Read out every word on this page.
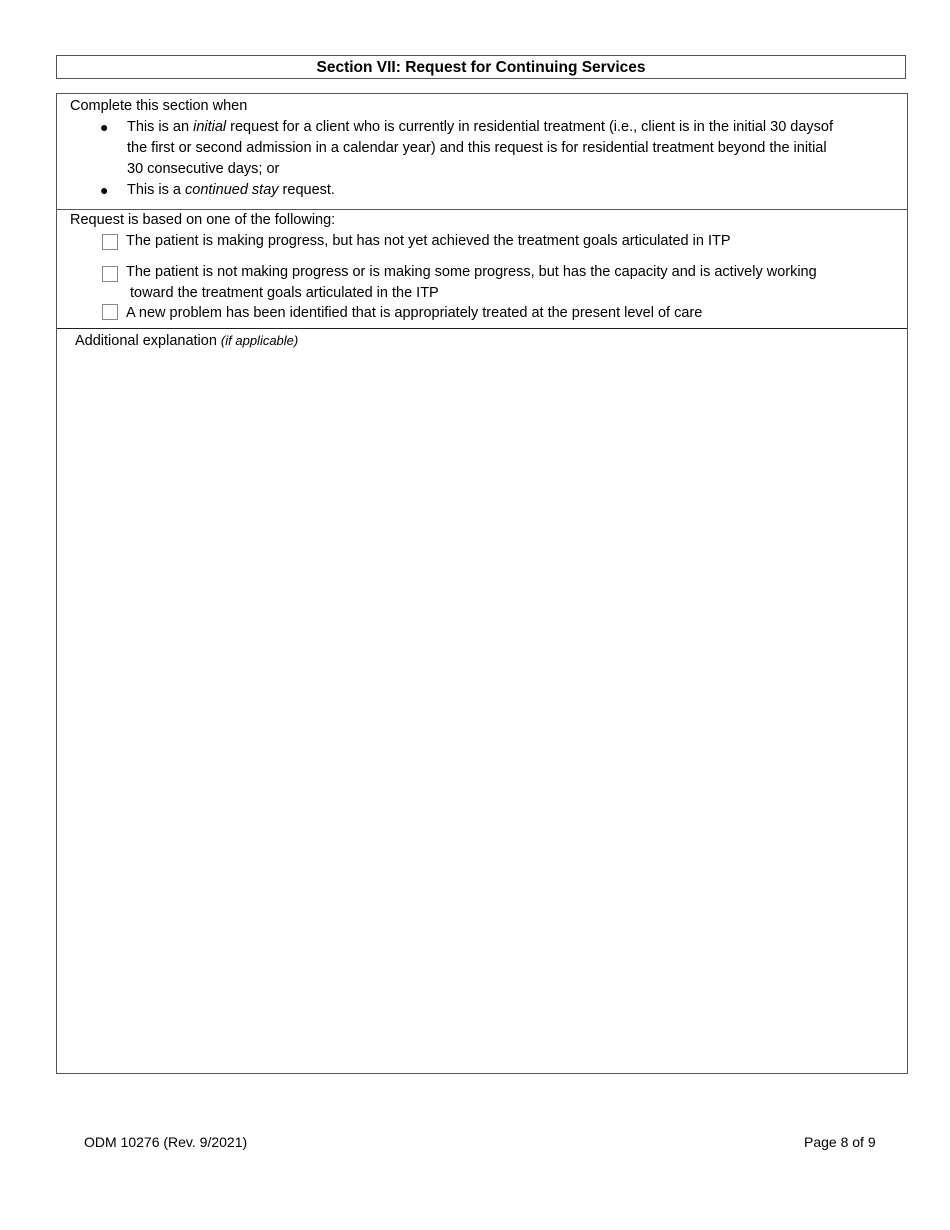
Section VII: Request for Continuing Services
Complete this section when
● This is an initial request for a client who is currently in residential treatment (i.e., client is in the initial 30 daysof
the first or second admission in a calendar year) and this request is for residential treatment beyond the initial
30 consecutive days; or
● This is a continued stay request.
Request is based on one of the following:
The patient is making progress, but has not yet achieved the treatment goals articulated in ITP
The patient is not making progress or is making some progress, but has the capacity and is actively working
toward the treatment goals articulated in the ITP
A new problem has been identified that is appropriately treated at the present level of care
Additional explanation (if applicable)
ODM 10276 (Rev. 9/2021)	Page 8 of 9
